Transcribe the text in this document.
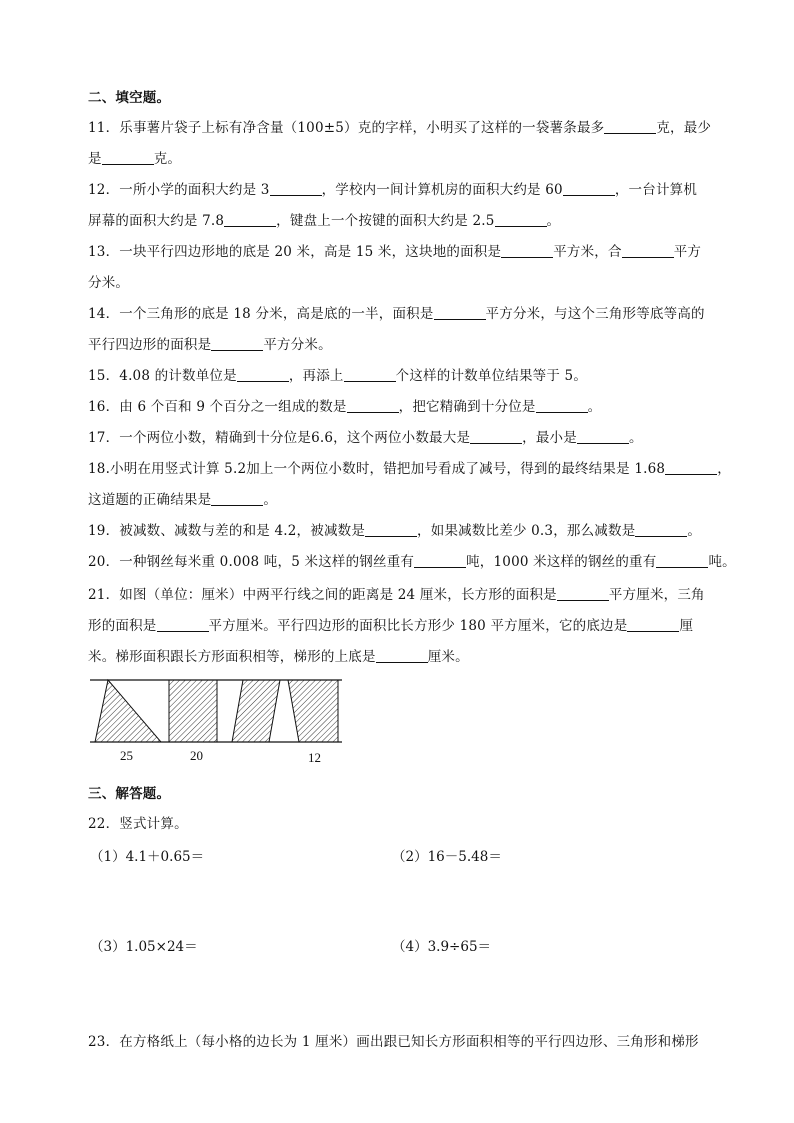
二、填空题。
11．乐事薯片袋子上标有净含量（100±5）克的字样，小明买了这样的一袋薯条最多	克，最少
是	克。
12．一所小学的面积大约是 3	，学校内一间计算机房的面积大约是 60	，一台计算机
屏幕的面积大约是 7.8	，键盘上一个按键的面积大约是 2.5	。
13．一块平行四边形地的底是 20 米，高是 15 米，这块地的面积是	平方米，合	平方
分米。
14．一个三角形的底是 18 分米，高是底的一半，面积是	平方分米，与这个三角形等底等高的
平行四边形的面积是	平方分米。
15．4.08 的计数单位是	，再添上	个这样的计数单位结果等于 5。
16．由 6 个百和 9 个百分之一组成的数是	，把它精确到十分位是	。
17．一个两位小数，精确到十分位是6.6，这个两位小数最大是	，最小是	。
18.小明在用竖式计算 5.2加上一个两位小数时，错把加号看成了减号，得到的最终结果是 1.68	，
这道题的正确结果是	。
19．被减数、减数与差的和是 4.2，被减数是	，如果减数比差少 0.3，那么减数是	。
20．一种钢丝每米重 0.008 吨，5 米这样的钢丝重有	吨，1000 米这样的钢丝的重有	吨。
21．如图（单位：厘米）中两平行线之间的距离是 24 厘米，长方形的面积是	平方厘米，三角
形的面积是	平方厘米。平行四边形的面积比长方形少 180 平方厘米，它的底边是	厘
米。梯形面积跟长方形面积相等，梯形的上底是	厘米。
25	20	12
三、解答题。
22．竖式计算。
（1）4.1＋0.65＝	（2）16－5.48＝
（3）1.05×24＝	（4）3.9÷65＝
23．在方格纸上（每小格的边长为 1 厘米）画出跟已知长方形面积相等的平行四边形、三角形和梯形
